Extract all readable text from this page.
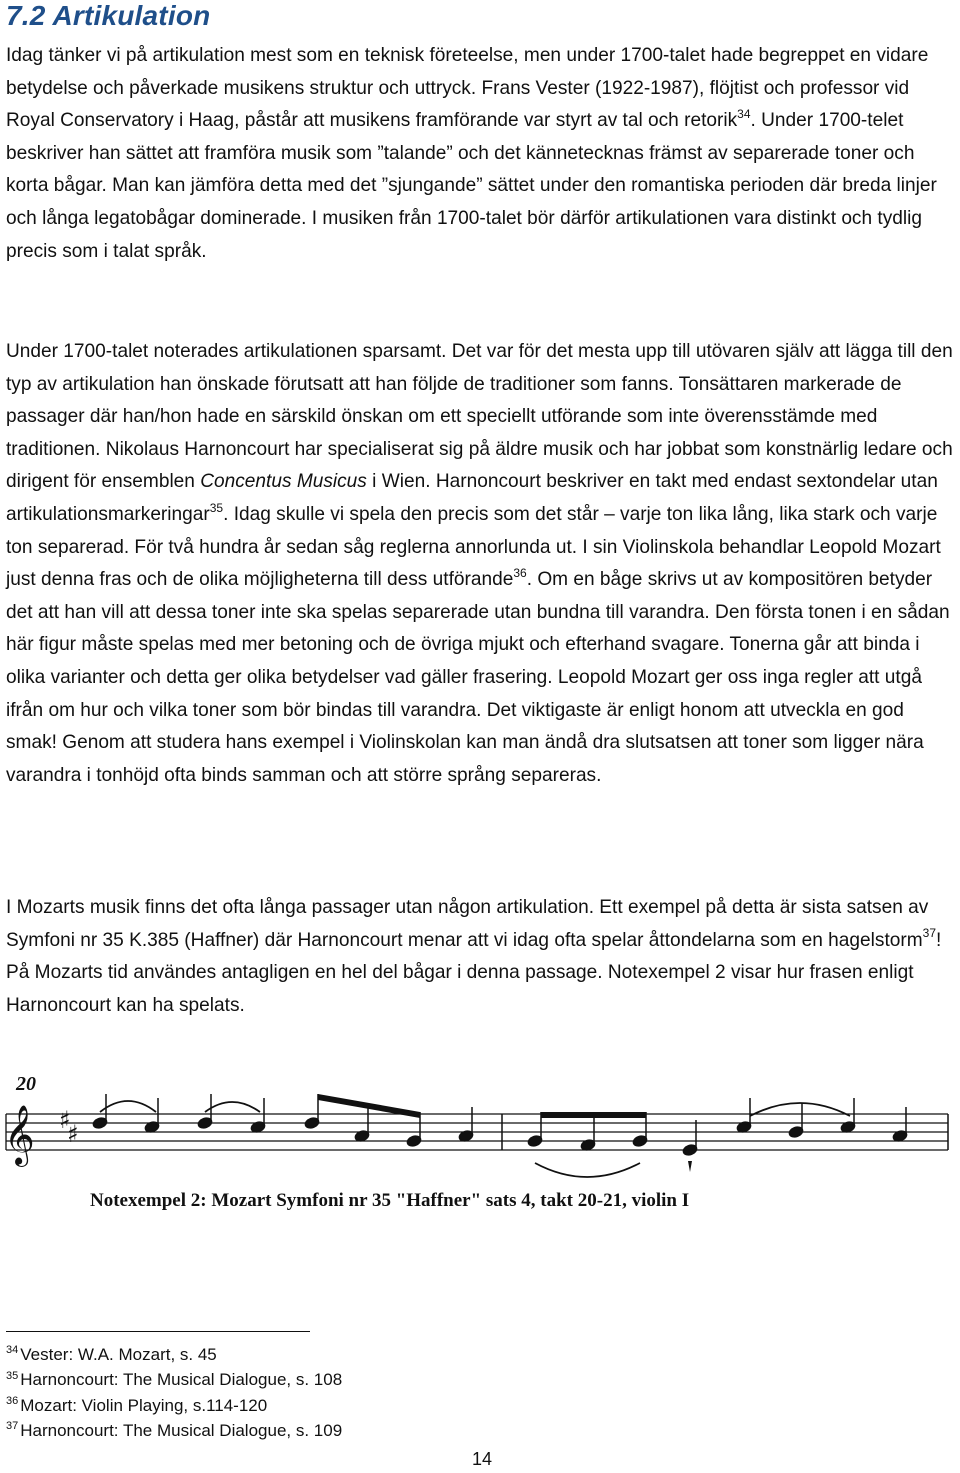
7.2 Artikulation

Idag tänker vi på artikulation mest som en teknisk företeelse, men under 1700-talet hade begreppet en vidare betydelse och påverkade musikens struktur och uttryck. Frans Vester (1922-1987), flöjtist och professor vid Royal Conservatory i Haag, påstår att musikens framförande var styrt av tal och retorik$^{34}$. Under 1700-telet beskriver han sättet att framföra musik som ”talande” och det kännetecknas främst av separerade toner och korta bågar. Man kan jämföra detta med det ”sjungande” sättet under den romantiska perioden där breda linjer och långa legatobågar dominerade. I musiken från 1700-talet bör därför artikulationen vara distinkt och tydlig precis som i talat språk.

Under 1700-talet noterades artikulationen sparsamt. Det var för det mesta upp till utövaren själv att lägga till den typ av artikulation han önskade förutsatt att han följde de traditioner som fanns. Tonsättaren markerade de passager där han/hon hade en särskild önskan om ett speciellt utförande som inte överensstämde med traditionen. Nikolaus Harnoncourt har specialiserat sig på äldre musik och har jobbat som konstnärlig ledare och dirigent för ensemblen Concentus Musicus i Wien. Harnoncourt beskriver en takt med endast sextondelar utan artikulationsmarkeringar$^{35}$. Idag skulle vi spela den precis som det står – varje ton lika lång, lika stark och varje ton separerad. För två hundra år sedan såg reglerna annorlunda ut. I sin Violinskola behandlar Leopold Mozart just denna fras och de olika möjligheterna till dess utförande$^{36}$. Om en båge skrivs ut av kompositören betyder det att han vill att dessa toner inte ska spelas separerade utan bundna till varandra. Den första tonen i en sådan här figur måste spelas med mer betoning och de övriga mjukt och efterhand svagare. Tonerna går att binda i olika varianter och detta ger olika betydelser vad gäller frasering. Leopold Mozart ger oss inga regler att utgå ifrån om hur och vilka toner som bör bindas till varandra. Det viktigaste är enligt honom att utveckla en god smak! Genom att studera hans exempel i Violinskolan kan man ändå dra slutsatsen att toner som ligger nära varandra i tonhöjd ofta binds samman och att större språng separeras.

I Mozarts musik finns det ofta långa passager utan någon artikulation. Ett exempel på detta är sista satsen av Symfoni nr 35 K.385 (Haffner) där Harnoncourt menar att vi idag ofta spelar åttondelarna som en hagelstorm$^{37}$! På Mozarts tid användes antagligen en hel del bågar i denna passage. Notexempel 2 visar hur frasen enligt Harnoncourt kan ha spelats.

20
𝄞 ♯
♯
Notexempel 2: Mozart Symfoni nr 35 "Haffner" sats 4, takt 20-21, violin I
$^{34}$ Vester: W.A. Mozart, s. 45
$^{35}$ Harnoncourt: The Musical Dialogue, s. 108
$^{36}$ Mozart: Violin Playing, s.114-120
$^{37}$ Harnoncourt: The Musical Dialogue, s. 109
14
